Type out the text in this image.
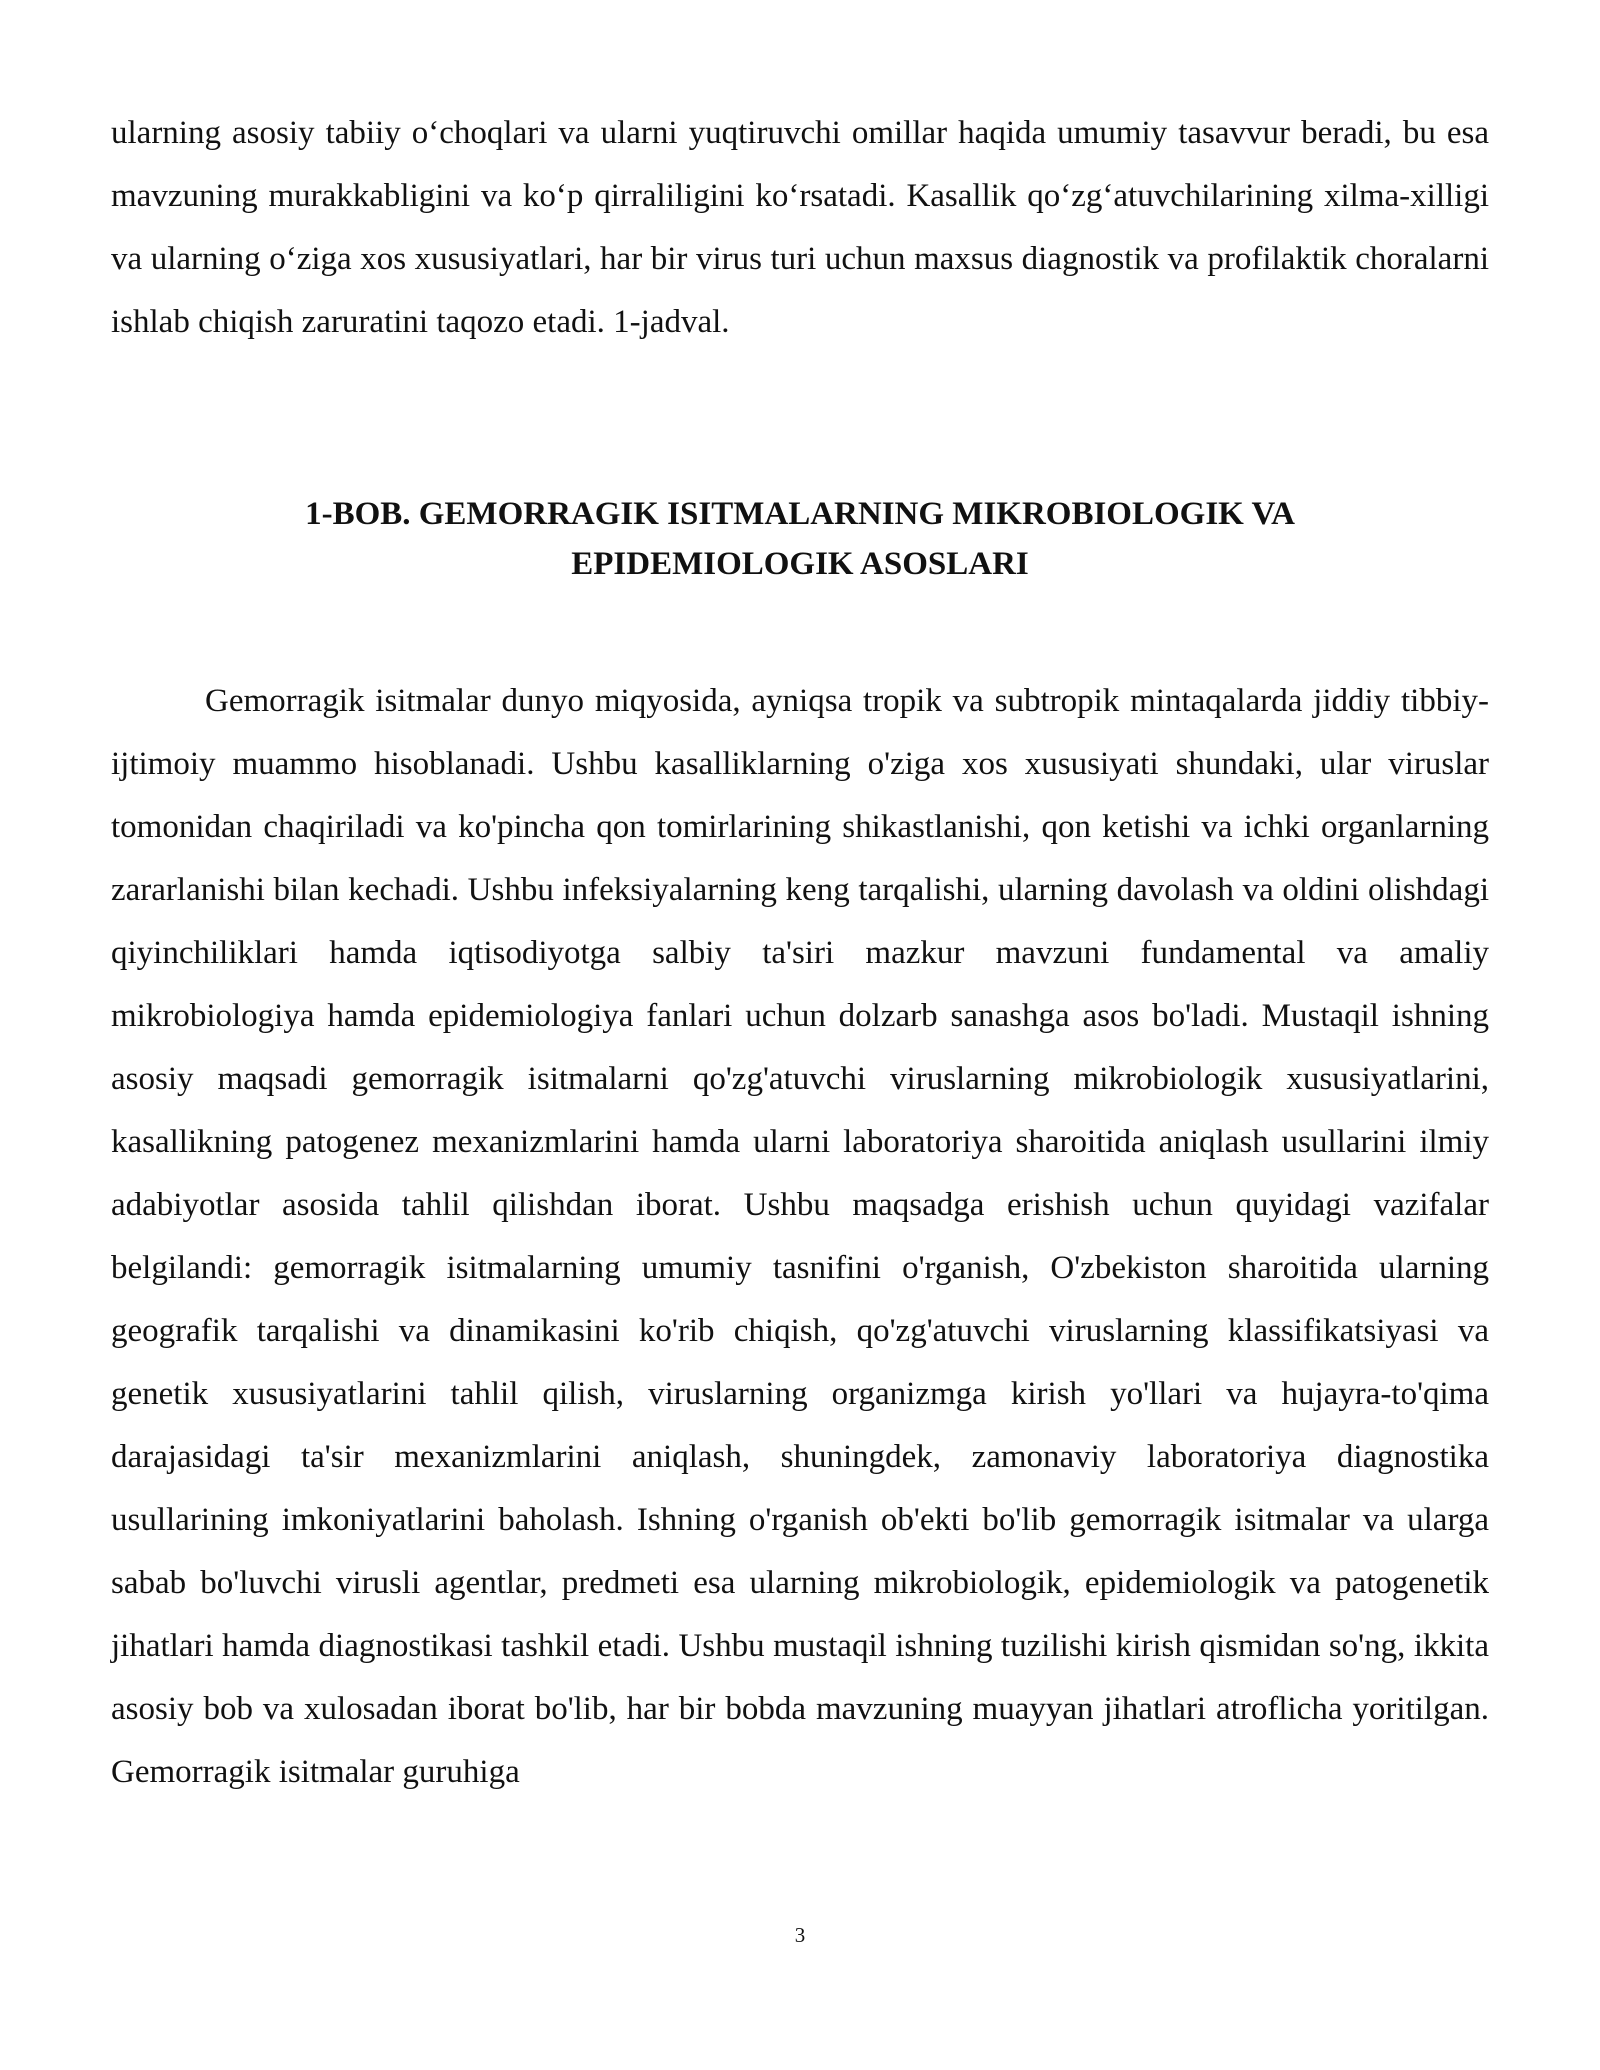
ularning asosiy tabiiy o‘choqlari va ularni yuqtiruvchi omillar haqida umumiy tasavvur beradi, bu esa mavzuning murakkabligini va ko‘p qirraliligini ko‘rsatadi. Kasallik qo‘zg‘atuvchilarining xilma-xilligi va ularning o‘ziga xos xususiyatlari, har bir virus turi uchun maxsus diagnostik va profilaktik choralarni ishlab chiqish zaruratini taqozo etadi. 1-jadval.

1-BOB. GEMORRAGIK ISITMALARNING MIKROBIOLOGIK VA
EPIDEMIOLOGIK ASOSLARI

Gemorragik isitmalar dunyo miqyosida, ayniqsa tropik va subtropik mintaqalarda jiddiy tibbiy-ijtimoiy muammo hisoblanadi. Ushbu kasalliklarning o'ziga xos xususiyati shundaki, ular viruslar tomonidan chaqiriladi va ko'pincha qon tomirlarining shikastlanishi, qon ketishi va ichki organlarning zararlanishi bilan kechadi. Ushbu infeksiyalarning keng tarqalishi, ularning davolash va oldini olishdagi qiyinchiliklari hamda iqtisodiyotga salbiy ta'siri mazkur mavzuni fundamental va amaliy mikrobiologiya hamda epidemiologiya fanlari uchun dolzarb sanashga asos bo'ladi. Mustaqil ishning asosiy maqsadi gemorragik isitmalarni qo'zg'atuvchi viruslarning mikrobiologik xususiyatlarini, kasallikning patogenez mexanizmlarini hamda ularni laboratoriya sharoitida aniqlash usullarini ilmiy adabiyotlar asosida tahlil qilishdan iborat. Ushbu maqsadga erishish uchun quyidagi vazifalar belgilandi: gemorragik isitmalarning umumiy tasnifini o'rganish, O'zbekiston sharoitida ularning geografik tarqalishi va dinamikasini ko'rib chiqish, qo'zg'atuvchi viruslarning klassifikatsiyasi va genetik xususiyatlarini tahlil qilish, viruslarning organizmga kirish yo'llari va hujayra-to'qima darajasidagi ta'sir mexanizmlarini aniqlash, shuningdek, zamonaviy laboratoriya diagnostika usullarining imkoniyatlarini baholash. Ishning o'rganish ob'ekti bo'lib gemorragik isitmalar va ularga sabab bo'luvchi virusli agentlar, predmeti esa ularning mikrobiologik, epidemiologik va patogenetik jihatlari hamda diagnostikasi tashkil etadi. Ushbu mustaqil ishning tuzilishi kirish qismidan so'ng, ikkita asosiy bob va xulosadan iborat bo'lib, har bir bobda mavzuning muayyan jihatlari atroflicha yoritilgan. Gemorragik isitmalar guruhiga

3
